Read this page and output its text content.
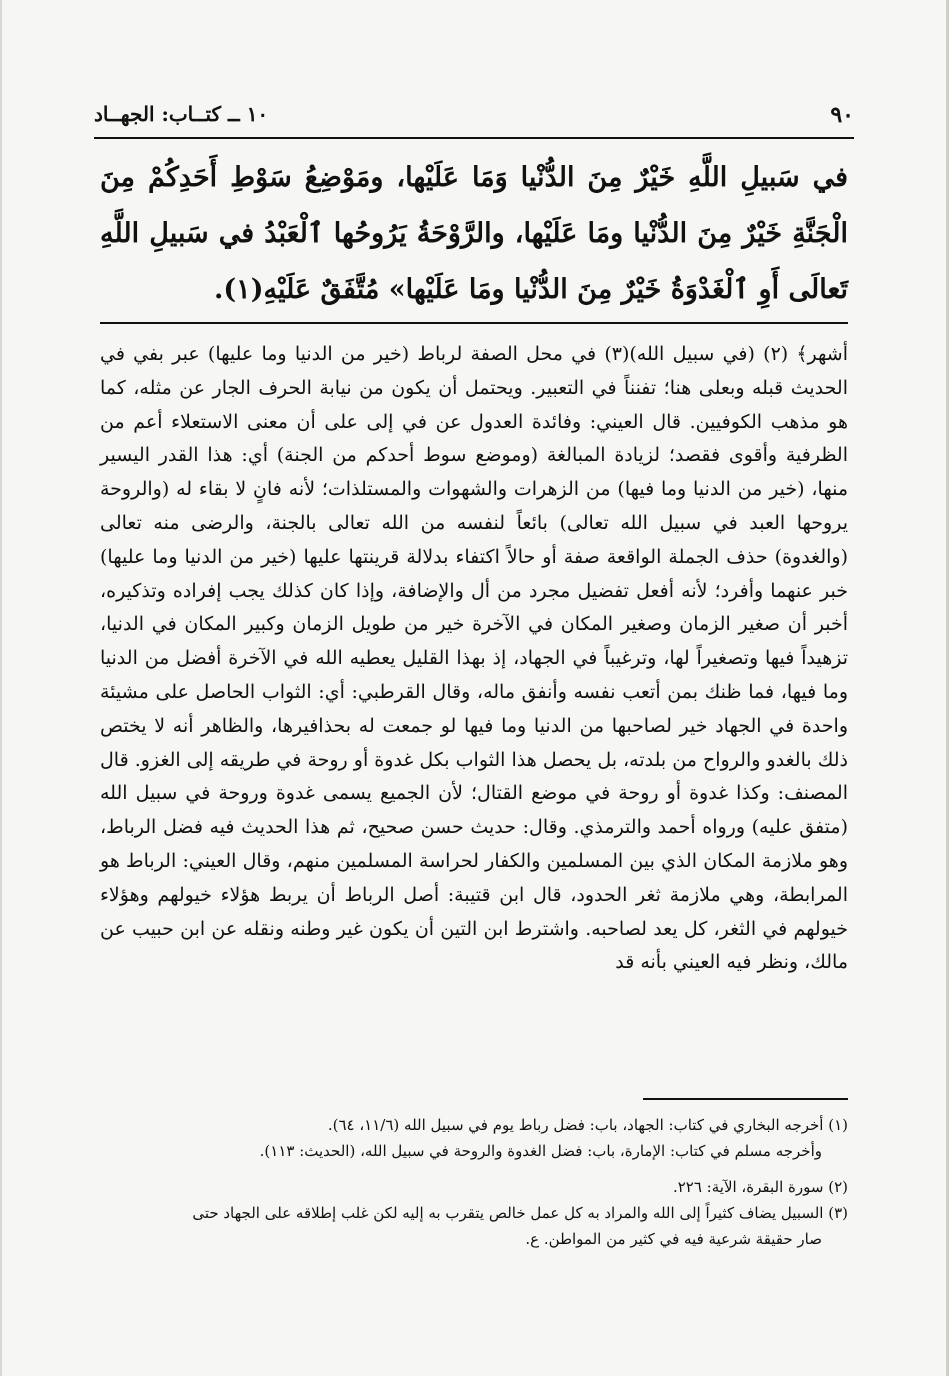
٩٠
١٠ ــ كتــاب: الجهــاد
في سَبيلِ اللَّهِ خَيْرٌ مِنَ الدُّنْيا وَمَا عَلَيْها، ومَوْضِعُ سَوْطِ أَحَدِكُمْ مِنَ الْجَنَّةِ خَيْرٌ مِنَ الدُّنْيا ومَا عَلَيْها، والرَّوْحَةُ يَرُوحُها ٱلْعَبْدُ في سَبيلِ اللَّهِ تَعالَى أَوِ ٱلْغَدْوَةُ خَيْرٌ مِنَ الدُّنْيا ومَا عَلَيْها» مُتَّفَقٌ عَلَيْهِ(١).

أشهر﴾ (٢) (في سبيل الله)(٣) في محل الصفة لرباط (خير من الدنيا وما عليها) عبر بفي في الحديث قبله وبعلى هنا؛ تفنناً في التعبير. ويحتمل أن يكون من نيابة الحرف الجار عن مثله، كما هو مذهب الكوفيين. قال العيني: وفائدة العدول عن في إلى على أن معنى الاستعلاء أعم من الظرفية وأقوى فقصد؛ لزيادة المبالغة (وموضع سوط أحدكم من الجنة) أي: هذا القدر اليسير منها، (خير من الدنيا وما فيها) من الزهرات والشهوات والمستلذات؛ لأنه فانٍ لا بقاء له (والروحة يروحها العبد في سبيل الله تعالى) بائعاً لنفسه من الله تعالى بالجنة، والرضى منه تعالى (والغدوة) حذف الجملة الواقعة صفة أو حالاً اكتفاء بدلالة قرينتها عليها (خير من الدنيا وما عليها) خبر عنهما وأفرد؛ لأنه أفعل تفضيل مجرد من أل والإضافة، وإذا كان كذلك يجب إفراده وتذكيره، أخبر أن صغير الزمان وصغير المكان في الآخرة خير من طويل الزمان وكبير المكان في الدنيا، تزهيداً فيها وتصغيراً لها، وترغيباً في الجهاد، إذ بهذا القليل يعطيه الله في الآخرة أفضل من الدنيا وما فيها، فما ظنك بمن أتعب نفسه وأنفق ماله، وقال القرطبي: أي: الثواب الحاصل على مشيئة واحدة في الجهاد خير لصاحبها من الدنيا وما فيها لو جمعت له بحذافيرها، والظاهر أنه لا يختص ذلك بالغدو والرواح من بلدته، بل يحصل هذا الثواب بكل غدوة أو روحة في طريقه إلى الغزو. قال المصنف: وكذا غدوة أو روحة في موضع القتال؛ لأن الجميع يسمى غدوة وروحة في سبيل الله (متفق عليه) ورواه أحمد والترمذي. وقال: حديث حسن صحيح، ثم هذا الحديث فيه فضل الرباط، وهو ملازمة المكان الذي بين المسلمين والكفار لحراسة المسلمين منهم، وقال العيني: الرباط هو المرابطة، وهي ملازمة ثغر الحدود، قال ابن قتيبة: أصل الرباط أن يربط هؤلاء خيولهم وهؤلاء خيولهم في الثغر، كل يعد لصاحبه. واشترط ابن التين أن يكون غير وطنه ونقله عن ابن حبيب عن مالك، ونظر فيه العيني بأنه قد

(١) أخرجه البخاري في كتاب: الجهاد، باب: فضل رباط يوم في سبيل الله (١١/٦، ٦٤).

وأخرجه مسلم في كتاب: الإمارة، باب: فضل الغدوة والروحة في سبيل الله، (الحديث: ١١٣).

(٢) سورة البقرة، الآية: ٢٢٦.

(٣) السبيل يضاف كثيراً إلى الله والمراد به كل عمل خالص يتقرب به إليه لكن غلب إطلاقه على الجهاد حتى

صار حقيقة شرعية فيه في كثير من المواطن. ع.
